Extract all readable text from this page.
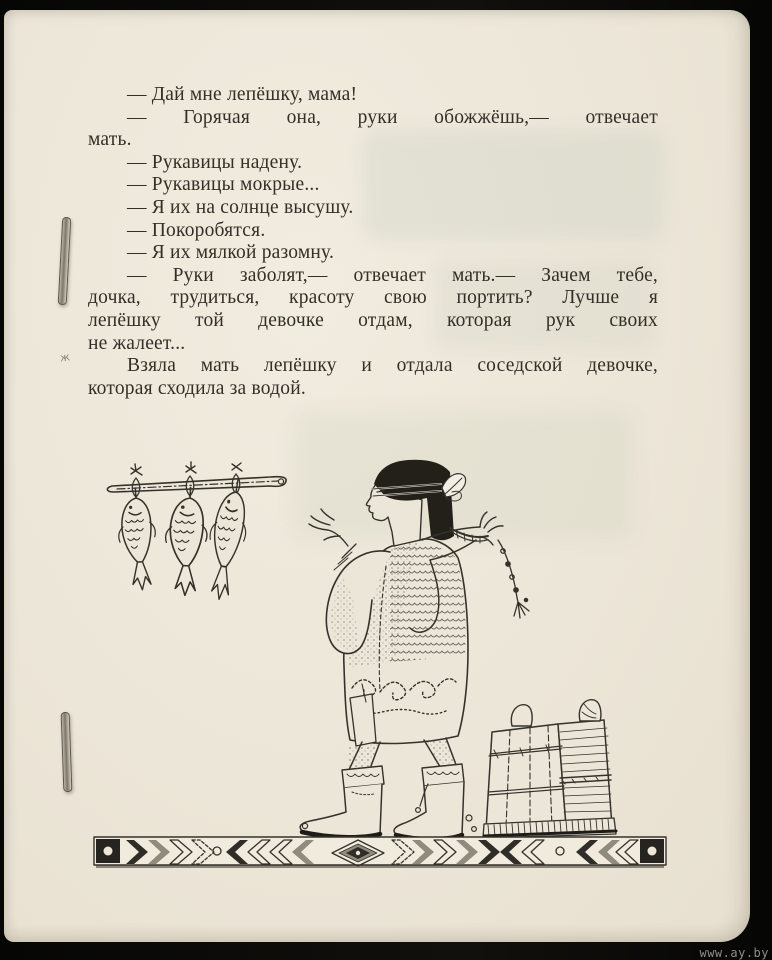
ж
— Дай мне лепёшку, мама!
— Горячая она, руки обожжёшь,— отвечает
мать.
— Рукавицы надену.
— Рукавицы мокрые...
— Я их на солнце высушу.
— Покоробятся.
— Я их мялкой разомну.
— Руки заболят,— отвечает мать.— Зачем тебе,
дочка, трудиться, красоту свою портить? Лучше я
лепёшку той девочке отдам, которая рук своих
не жалеет...
Взяла мать лепёшку и отдала соседской девочке,
которая сходила за водой.
www.ay.by
